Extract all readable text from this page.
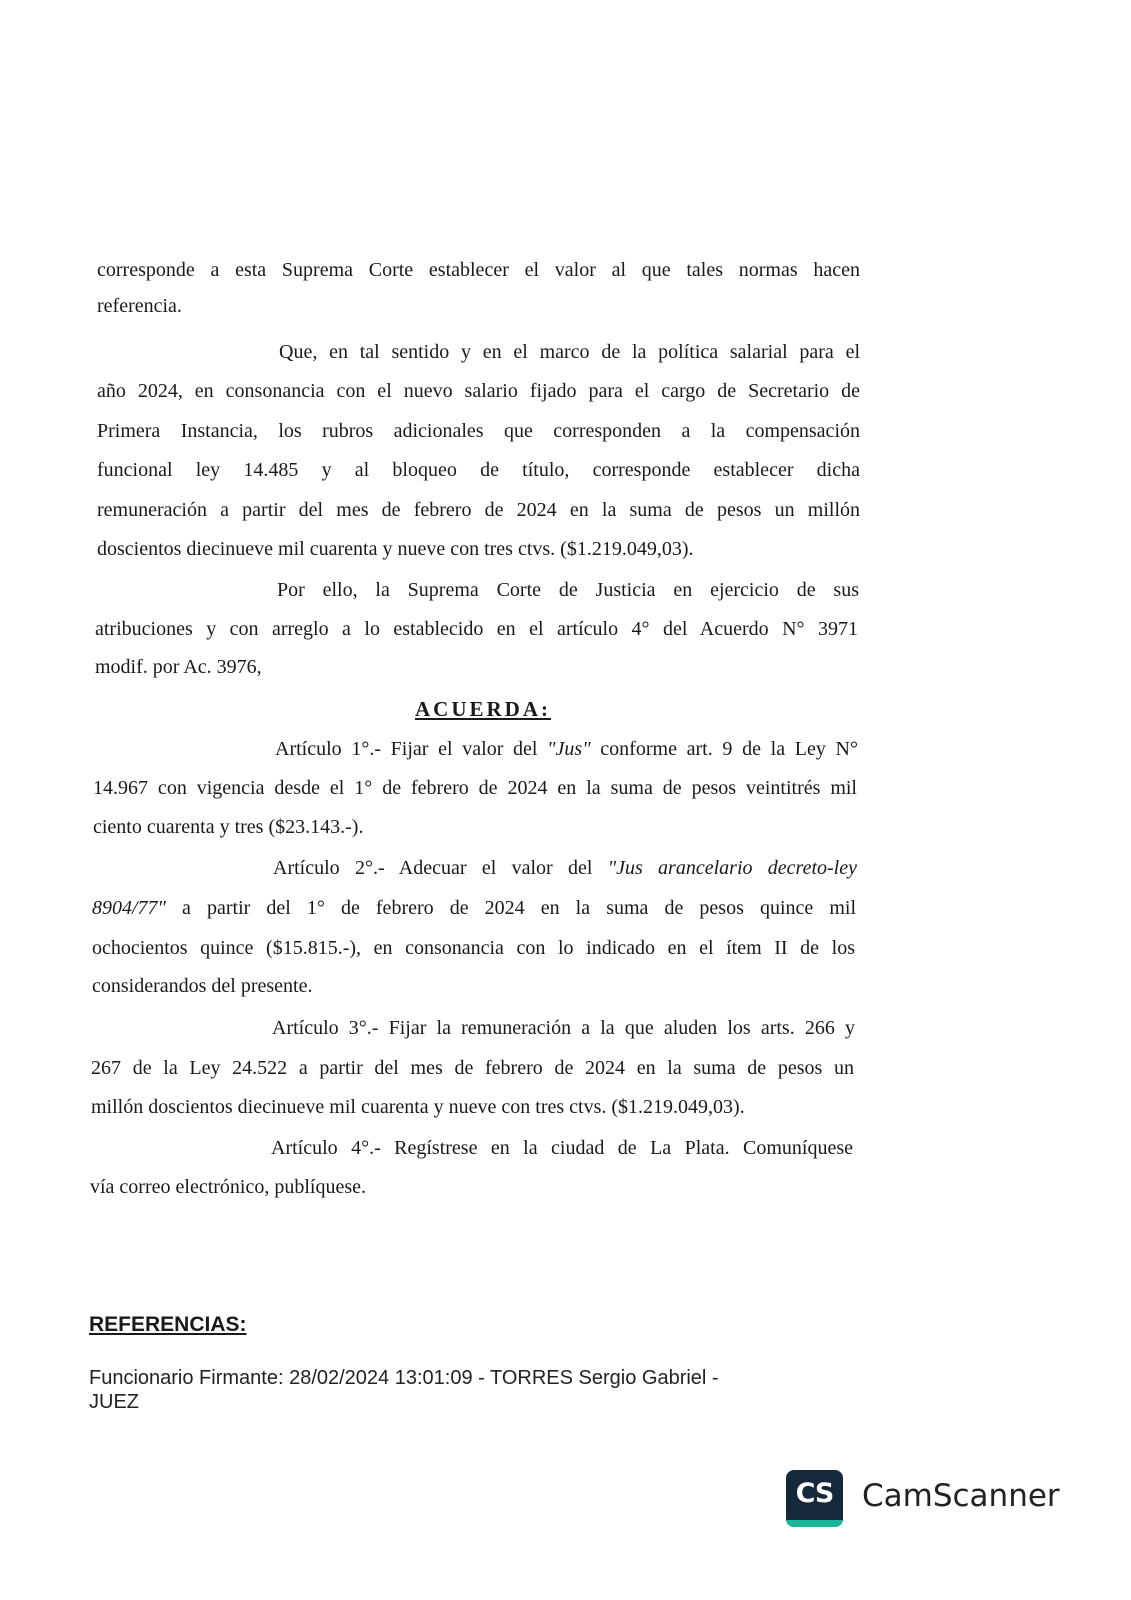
corresponde a esta Suprema Corte establecer el valor al que tales normas hacen
referencia.
Que, en tal sentido y en el marco de la política salarial para el
año 2024, en consonancia con el nuevo salario fijado para el cargo de Secretario de
Primera Instancia, los rubros adicionales que corresponden a la compensación
funcional ley 14.485 y al bloqueo de título, corresponde establecer dicha
remuneración a partir del mes de febrero de 2024 en la suma de pesos un millón
doscientos diecinueve mil cuarenta y nueve con tres ctvs. ($1.219.049,03).
Por ello, la Suprema Corte de Justicia en ejercicio de sus
atribuciones y con arreglo a lo establecido en el artículo 4° del Acuerdo N° 3971
modif. por Ac. 3976,
Artículo 1°.- Fijar el valor del "Jus" conforme art. 9 de la Ley N°
14.967 con vigencia desde el 1° de febrero de 2024 en la suma de pesos veintitrés mil
ciento cuarenta y tres ($23.143.-).
Artículo 2°.- Adecuar el valor del "Jus arancelario decreto-ley
8904/77" a partir del 1° de febrero de 2024 en la suma de pesos quince mil
ochocientos quince ($15.815.-), en consonancia con lo indicado en el ítem II de los
considerandos del presente.
Artículo 3°.- Fijar la remuneración a la que aluden los arts. 266 y
267 de la Ley 24.522 a partir del mes de febrero de 2024 en la suma de pesos un
millón doscientos diecinueve mil cuarenta y nueve con tres ctvs. ($1.219.049,03).
Artículo 4°.- Regístrese en la ciudad de La Plata. Comuníquese
vía correo electrónico, publíquese.
ACUERDA:
REFERENCIAS:
Funcionario Firmante: 28/02/2024 13:01:09 - TORRES Sergio Gabriel -
JUEZ
CS CamScanner
